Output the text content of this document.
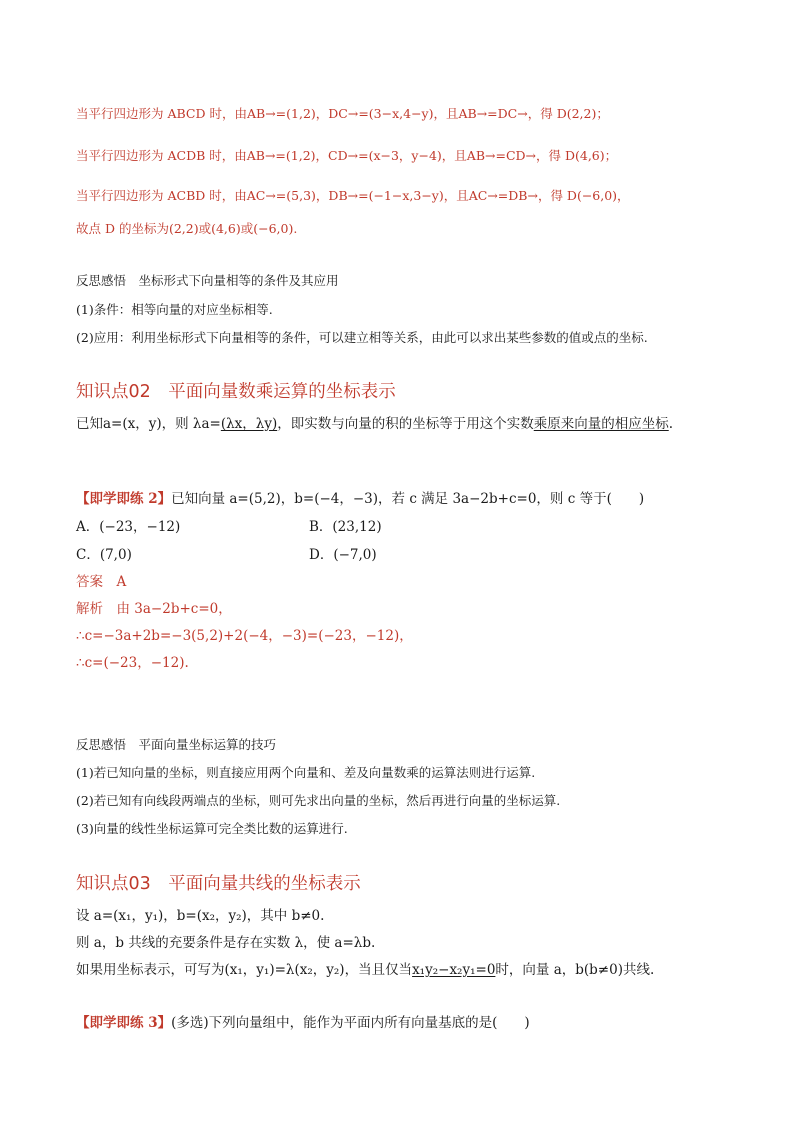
当平行四边形为 ABCD 时，由AB→=(1,2)，DC→=(3−x,4−y)，且AB→=DC→，得 D(2,2)；
当平行四边形为 ACDB 时，由AB→=(1,2)，CD→=(x−3，y−4)，且AB→=CD→，得 D(4,6)；
当平行四边形为 ACBD 时，由AC→=(5,3)，DB→=(−1−x,3−y)，且AC→=DB→，得 D(−6,0)，
故点 D 的坐标为(2,2)或(4,6)或(−6,0).
反思感悟　坐标形式下向量相等的条件及其应用
(1)条件：相等向量的对应坐标相等.
(2)应用：利用坐标形式下向量相等的条件，可以建立相等关系，由此可以求出某些参数的值或点的坐标.
知识点02　平面向量数乘运算的坐标表示
已知a=(x，y)，则 λa=(λx，λy)，即实数与向量的积的坐标等于用这个实数乘原来向量的相应坐标.
【即学即练 2】已知向量 a=(5,2)，b=(−4，−3)，若 c 满足 3a−2b+c=0，则 c 等于(　　)
A．(−23，−12)	B．(23,12)
C．(7,0)	D．(−7,0)
答案　A
解析　由 3a−2b+c=0，
∴c=−3a+2b=−3(5,2)+2(−4，−3)=(−23，−12)，
∴c=(−23，−12).
反思感悟　平面向量坐标运算的技巧
(1)若已知向量的坐标，则直接应用两个向量和、差及向量数乘的运算法则进行运算.
(2)若已知有向线段两端点的坐标，则可先求出向量的坐标，然后再进行向量的坐标运算.
(3)向量的线性坐标运算可完全类比数的运算进行.
知识点03　平面向量共线的坐标表示
设 a=(x₁，y₁)，b=(x₂，y₂)，其中 b≠0.
则 a，b 共线的充要条件是存在实数 λ，使 a=λb.
如果用坐标表示，可写为(x₁，y₁)=λ(x₂，y₂)，当且仅当x₁y₂−x₂y₁=0时，向量 a，b(b≠0)共线.
【即学即练 3】(多选)下列向量组中，能作为平面内所有向量基底的是(　　)
